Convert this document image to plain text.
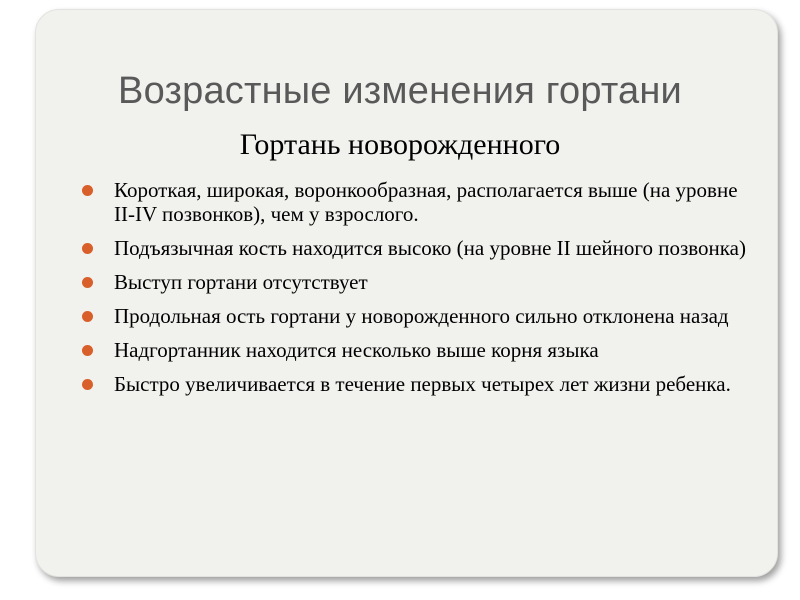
Возрастные изменения гортани
Гортань новорожденного
Короткая, широкая, воронкообразная, располагается выше (на уровне II-IV позвонков), чем у взрослого.
Подъязычная кость находится высоко (на уровне II шейного позвонка)
Выступ гортани отсутствует
Продольная ость гортани у новорожденного сильно отклонена назад
Надгортанник находится несколько выше корня языка
Быстро увеличивается в течение первых четырех лет жизни ребенка.
